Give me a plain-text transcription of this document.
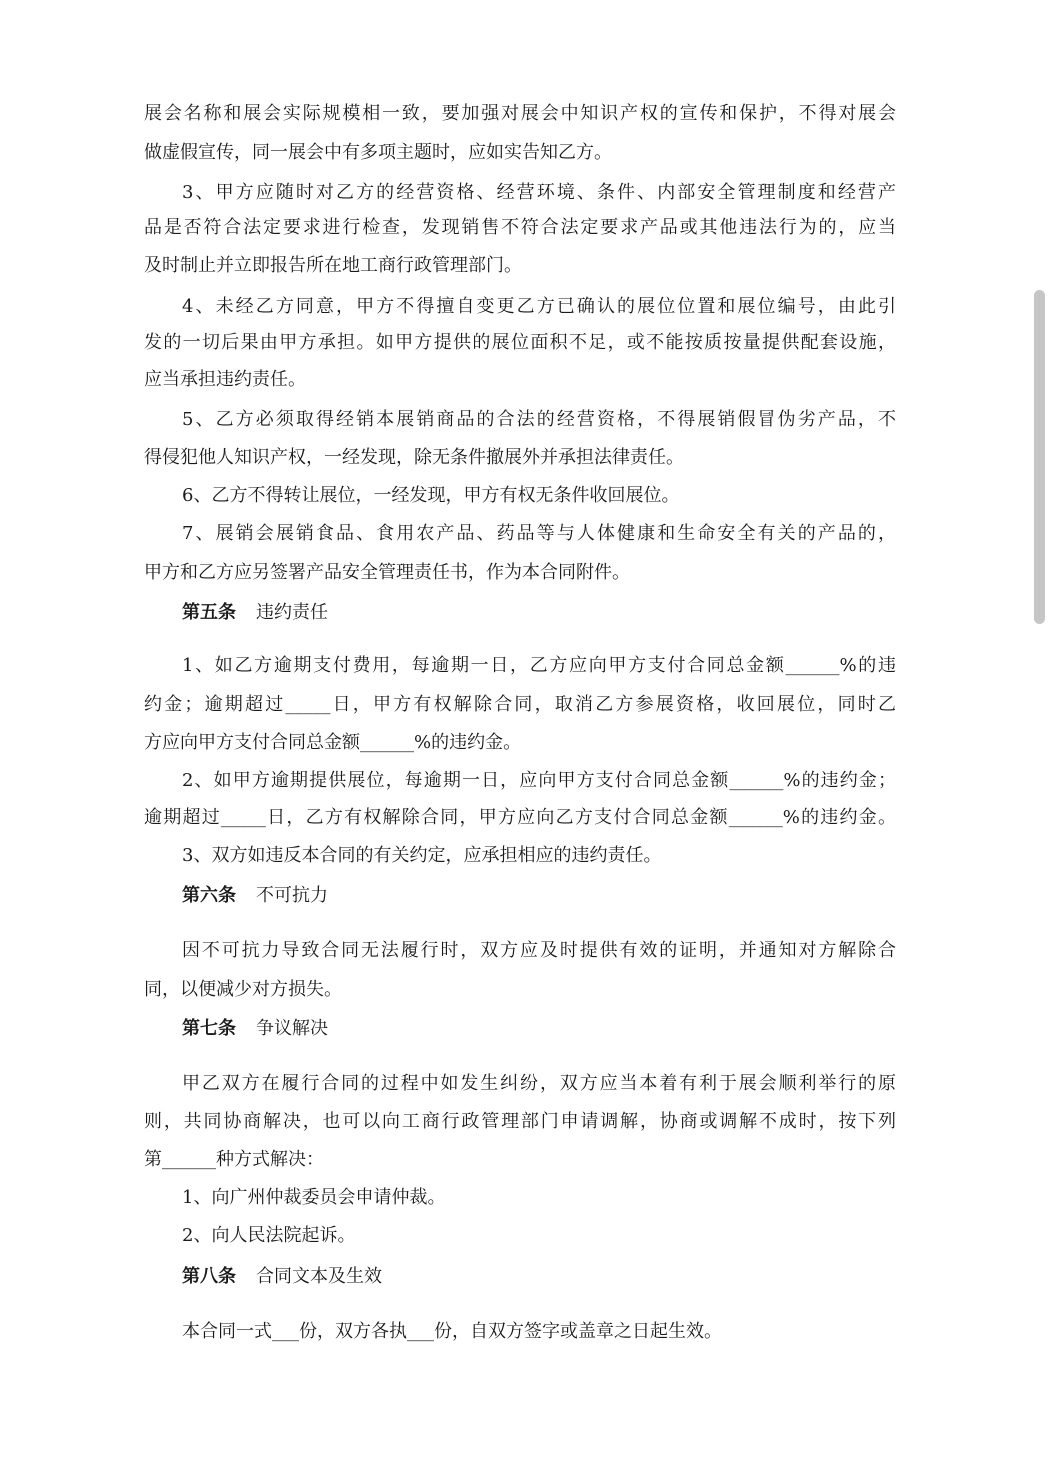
展会名称和展会实际规模相一致，要加强对展会中知识产权的宣传和保护，不得对展会
做虚假宣传，同一展会中有多项主题时，应如实告知乙方。
3、甲方应随时对乙方的经营资格、经营环境、条件、内部安全管理制度和经营产
品是否符合法定要求进行检查，发现销售不符合法定要求产品或其他违法行为的，应当
及时制止并立即报告所在地工商行政管理部门。
4、未经乙方同意，甲方不得擅自变更乙方已确认的展位位置和展位编号，由此引
发的一切后果由甲方承担。如甲方提供的展位面积不足，或不能按质按量提供配套设施，
应当承担违约责任。
5、乙方必须取得经销本展销商品的合法的经营资格，不得展销假冒伪劣产品，不
得侵犯他人知识产权，一经发现，除无条件撤展外并承担法律责任。
6、乙方不得转让展位，一经发现，甲方有权无条件收回展位。
7、展销会展销食品、食用农产品、药品等与人体健康和生命安全有关的产品的，
甲方和乙方应另签署产品安全管理责任书，作为本合同附件。
第五条 违约责任
1、如乙方逾期支付费用，每逾期一日，乙方应向甲方支付合同总金额______%的违
约金；逾期超过_____日，甲方有权解除合同，取消乙方参展资格，收回展位，同时乙
方应向甲方支付合同总金额______%的违约金。
2、如甲方逾期提供展位，每逾期一日，应向甲方支付合同总金额______%的违约金；
逾期超过_____日，乙方有权解除合同，甲方应向乙方支付合同总金额______%的违约金。
3、双方如违反本合同的有关约定，应承担相应的违约责任。
第六条 不可抗力
因不可抗力导致合同无法履行时，双方应及时提供有效的证明，并通知对方解除合
同，以便减少对方损失。
第七条 争议解决
甲乙双方在履行合同的过程中如发生纠纷，双方应当本着有利于展会顺利举行的原
则，共同协商解决，也可以向工商行政管理部门申请调解，协商或调解不成时，按下列
第______种方式解决：
1、向广州仲裁委员会申请仲裁。
2、向人民法院起诉。
第八条 合同文本及生效
本合同一式___份，双方各执___份，自双方签字或盖章之日起生效。
